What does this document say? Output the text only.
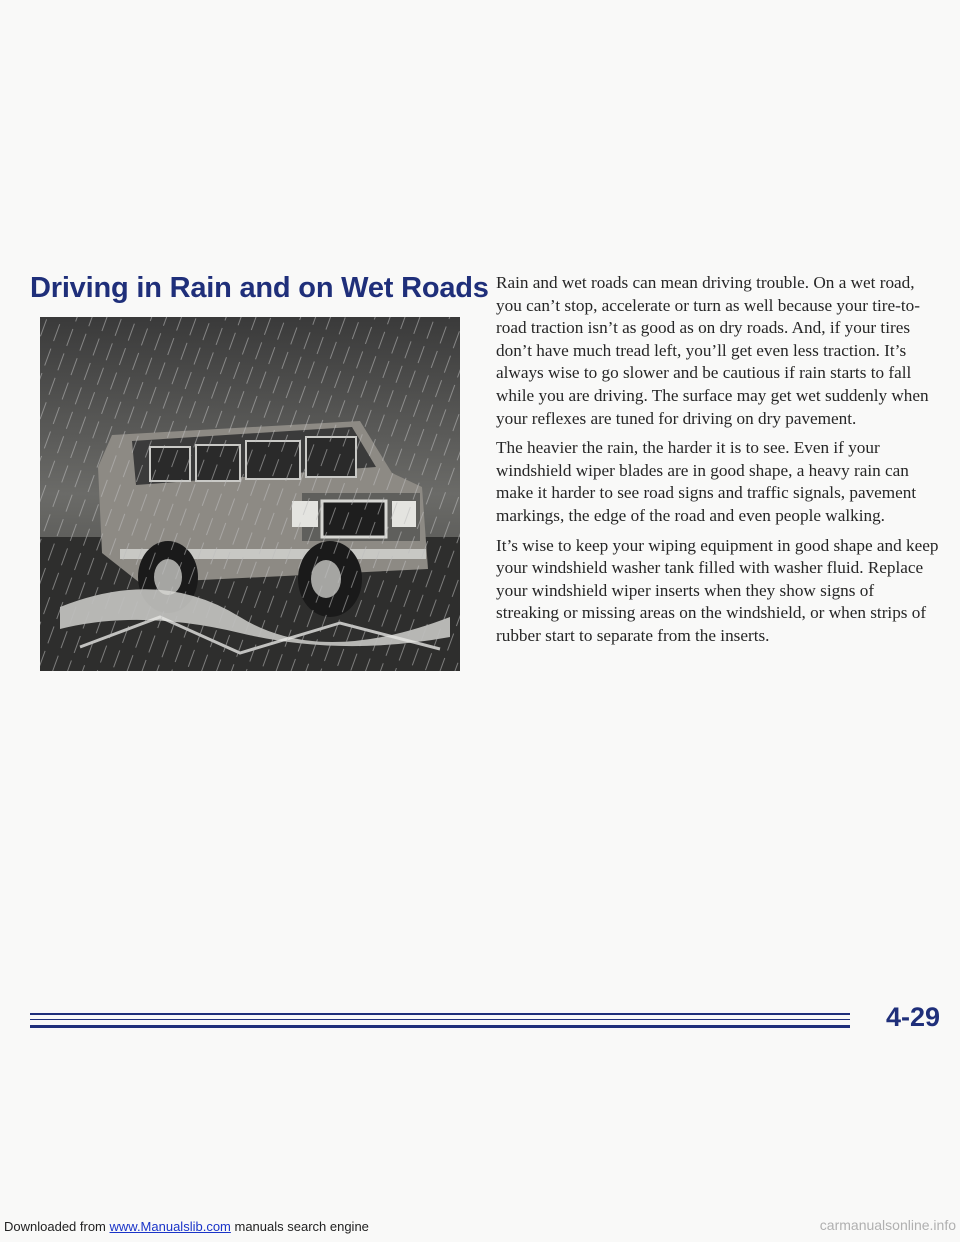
Driving in Rain and on Wet Roads Rain and wet roads can mean driving trouble. On a wet road, you can’t stop, accelerate or turn as well because your tire-to-road traction isn’t as good as on dry roads. And, if your tires don’t have much tread left, you’ll get even less traction. It’s always wise to go slower and be cautious if rain starts to fall while you are driving. The surface may get wet suddenly when your reflexes are tuned for driving on dry pavement.

The heavier the rain, the harder it is to see. Even if your windshield wiper blades are in good shape, a heavy rain can make it harder to see road signs and traffic signals, pavement markings, the edge of the road and even people walking.

It’s wise to keep your wiping equipment in good shape and keep your windshield washer tank filled with washer fluid. Replace your windshield wiper inserts when they show signs of streaking or missing areas on the windshield, or when strips of rubber start to separate from the inserts.

4-29
Downloaded from www.Manualslib.com manuals search engine	carmanualsonline.info
